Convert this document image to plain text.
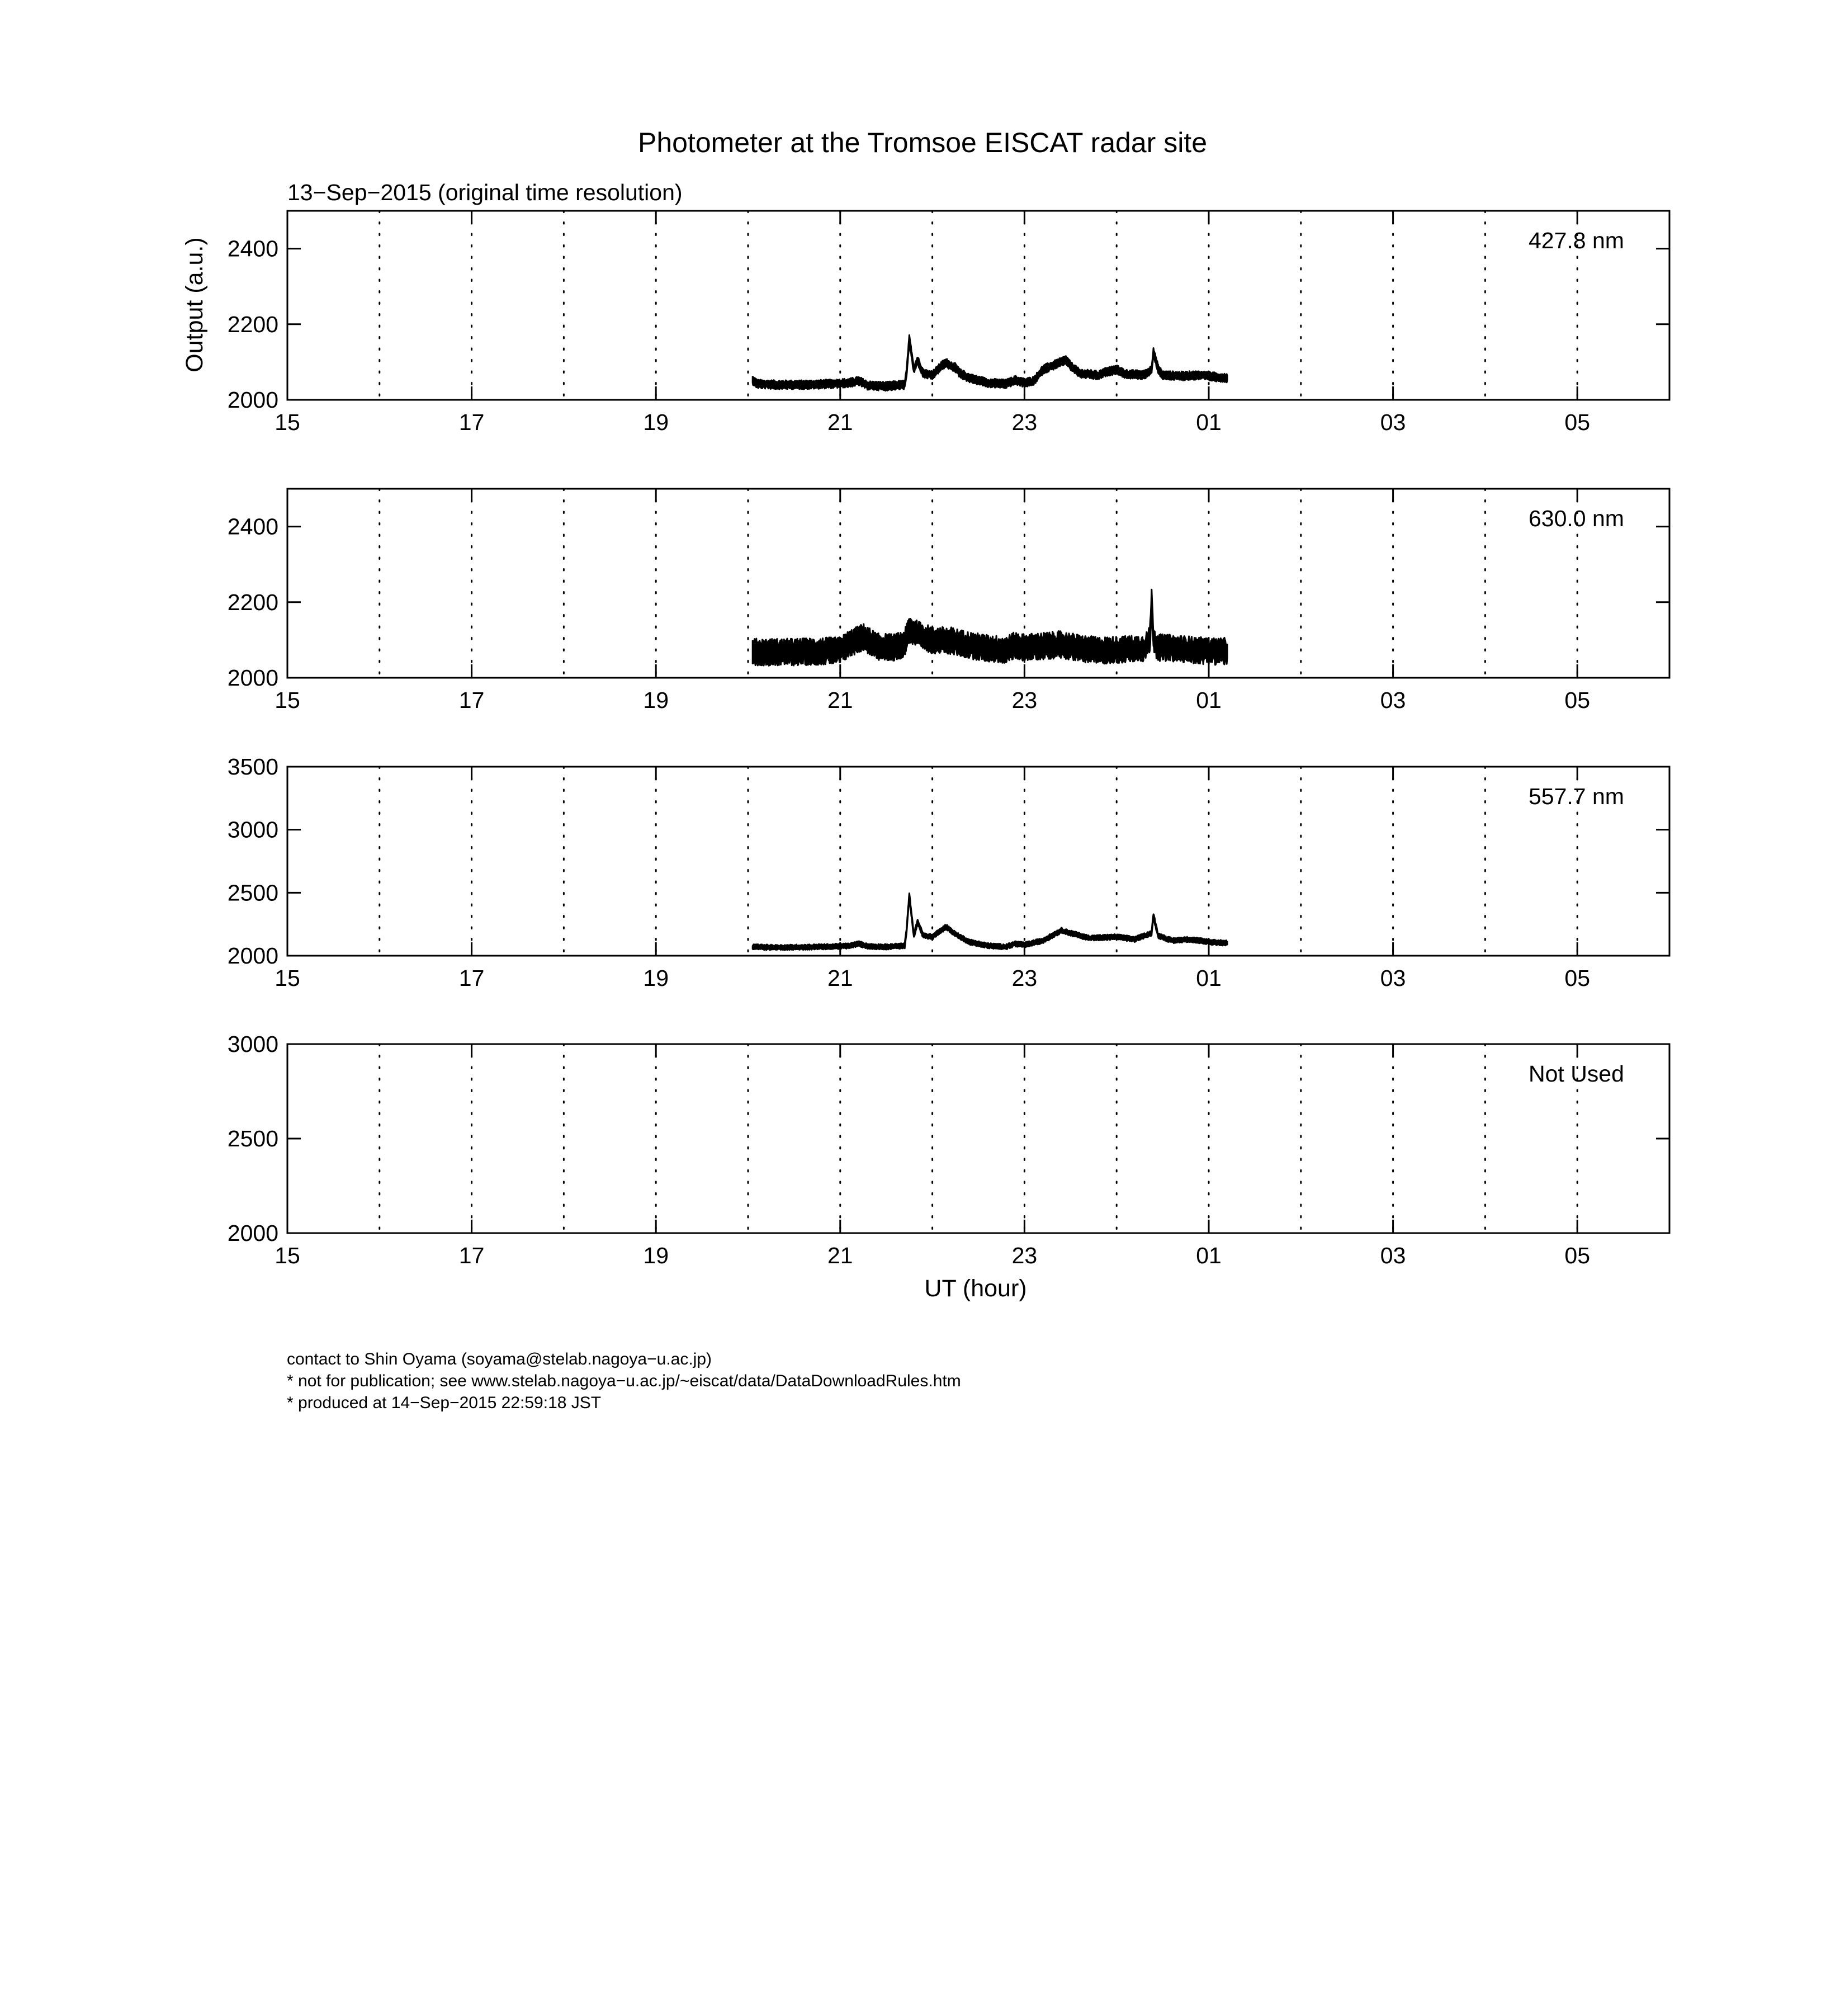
Photometer at the Tromsoe EISCAT radar site
13−Sep−2015 (original time resolution)
Output (a.u.)
UT (hour)
contact to Shin Oyama (soyama@stelab.nagoya−u.ac.jp)
* not for publication; see www.stelab.nagoya−u.ac.jp/~eiscat/data/DataDownloadRules.htm
* produced at 14−Sep−2015 22:59:18 JST
15	17	19	21	23	01	03	05
2000
2200
2400	427.8 nm
15	17	19	21	23	01	03	05
2000
2200
2400	630.0 nm
15	17	19	21	23	01	03	05
2000
2500
3000
3500
557.7 nm
15	17	19	21	23	01	03	05
2000
2500
3000
Not Used
